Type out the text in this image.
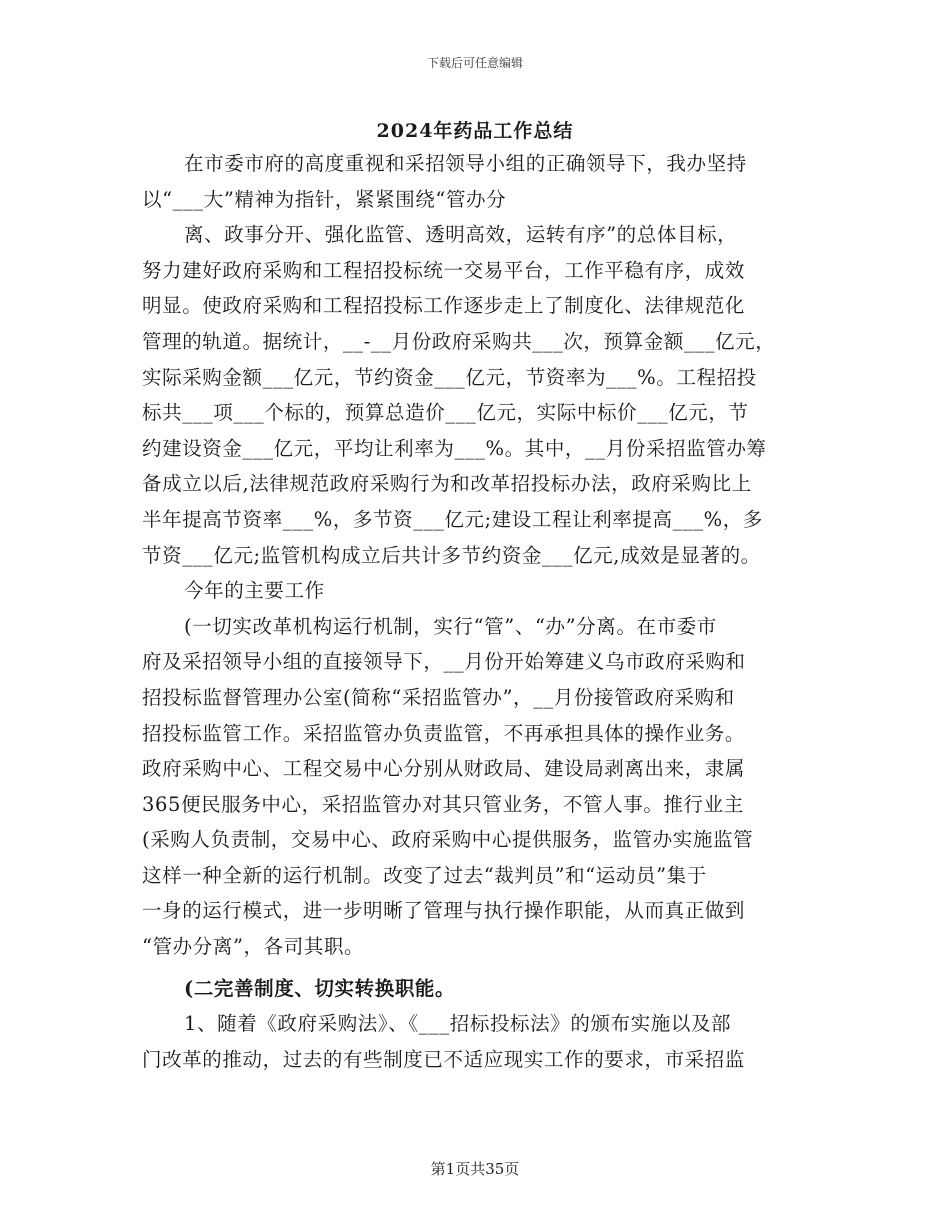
下载后可任意编辑
2024年药品工作总结
在市委市府的高度重视和采招领导小组的正确领导下，我办坚持
以“___大”精神为指针，紧紧围绕“管办分
离、政事分开、强化监管、透明高效，运转有序”的总体目标，
努力建好政府采购和工程招投标统一交易平台，工作平稳有序，成效
明显。使政府采购和工程招投标工作逐步走上了制度化、法律规范化
管理的轨道。据统计，__-__月份政府采购共___次，预算金额___亿元，
实际采购金额___亿元，节约资金___亿元，节资率为___%。工程招投
标共___项___个标的，预算总造价___亿元，实际中标价___亿元，节
约建设资金___亿元，平均让利率为___%。其中，__月份采招监管办筹
备成立以后,法律规范政府采购行为和改革招投标办法，政府采购比上
半年提高节资率___%，多节资___亿元;建设工程让利率提高___%，多
节资___亿元;监管机构成立后共计多节约资金___亿元,成效是显著的。
今年的主要工作
(一切实改革机构运行机制，实行“管”、“办”分离。在市委市
府及采招领导小组的直接领导下，__月份开始筹建义乌市政府采购和
招投标监督管理办公室(简称“采招监管办”，__月份接管政府采购和
招投标监管工作。采招监管办负责监管，不再承担具体的操作业务。
政府采购中心、工程交易中心分别从财政局、建设局剥离出来，隶属
365便民服务中心，采招监管办对其只管业务，不管人事。推行业主
(采购人负责制，交易中心、政府采购中心提供服务，监管办实施监管
这样一种全新的运行机制。改变了过去“裁判员”和“运动员”集于
一身的运行模式，进一步明晰了管理与执行操作职能，从而真正做到
“管办分离”，各司其职。
(二完善制度、切实转换职能。
1、随着《政府采购法》、《___招标投标法》的颁布实施以及部
门改革的推动，过去的有些制度已不适应现实工作的要求，市采招监
第1页共35页
